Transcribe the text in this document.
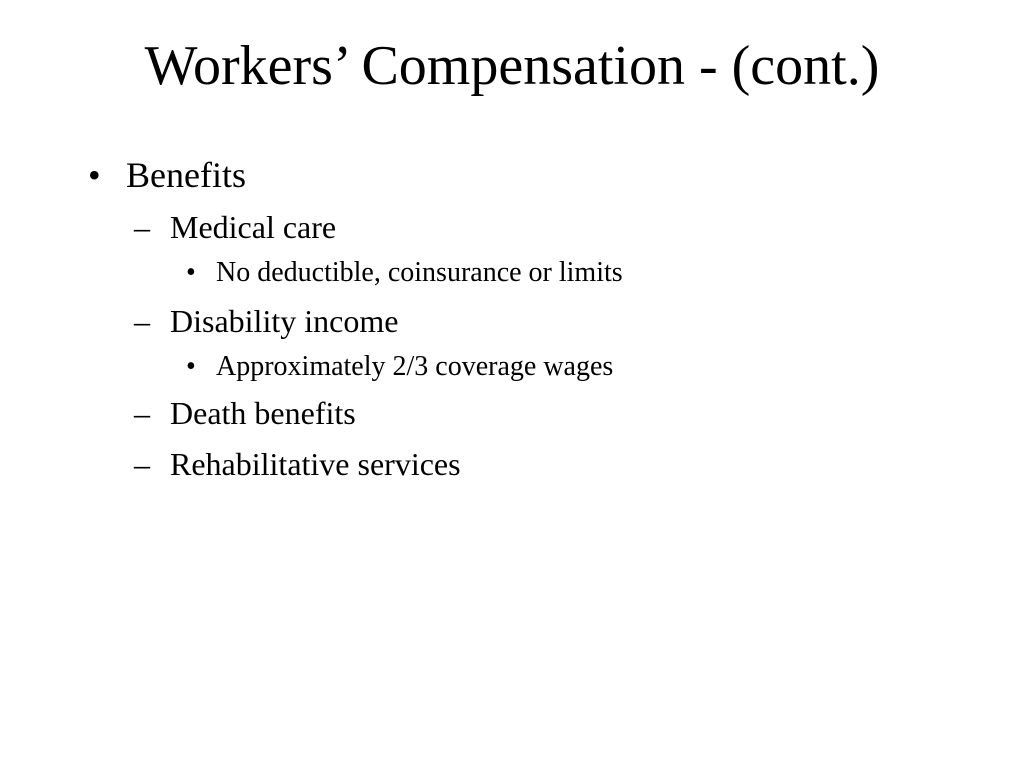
Workers’ Compensation - (cont.)
• Benefits
– Medical care
• No deductible, coinsurance or limits
– Disability income
• Approximately 2/3 coverage wages
– Death benefits
– Rehabilitative services
